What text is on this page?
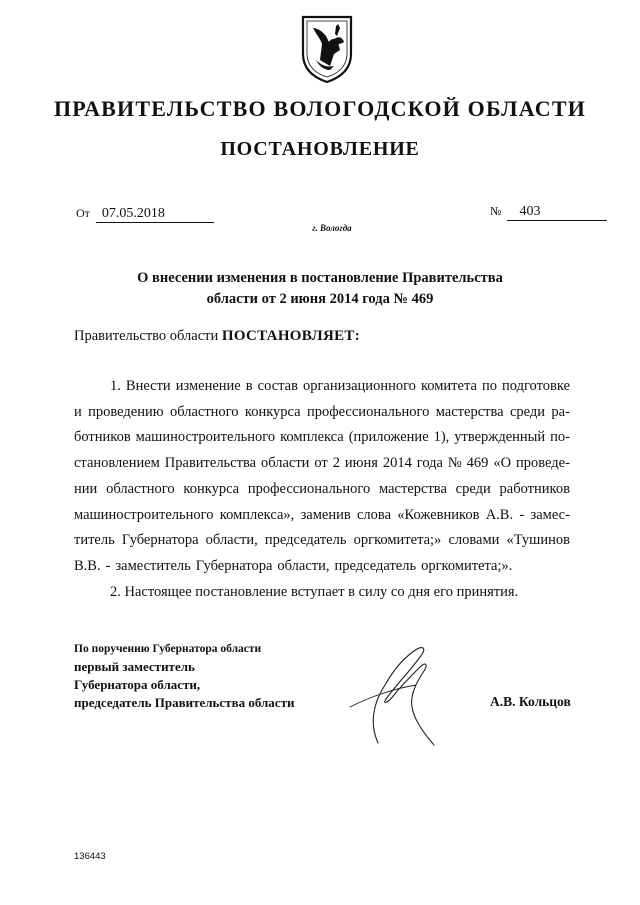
ПРАВИТЕЛЬСТВО ВОЛОГОДСКОЙ ОБЛАСТИ
ПОСТАНОВЛЕНИЕ
От 07.05.2018	№ 403
г. Вологда
О внесении изменения в постановление Правительства
области от 2 июня 2014 года № 469
Правительство области ПОСТАНОВЛЯЕТ:
1. Внести изменение в состав организационного комитета по подготовке
и проведению областного конкурса профессионального мастерства среди ра-
ботников машиностроительного комплекса (приложение 1), утвержденный по-
становлением Правительства области от 2 июня 2014 года № 469 «О проведе-
нии областного конкурса профессионального мастерства среди работников
машиностроительного комплекса», заменив слова «Кожевников А.В. - замес-
титель Губернатора области, председатель оргкомитета;» словами «Тушинов
В.В. - заместитель Губернатора области, председатель оргкомитета;».
2. Настоящее постановление вступает в силу со дня его принятия.
По поручению Губернатора области
первый заместитель
Губернатора области,
председатель Правительства области	А.В. Кольцов
136443
